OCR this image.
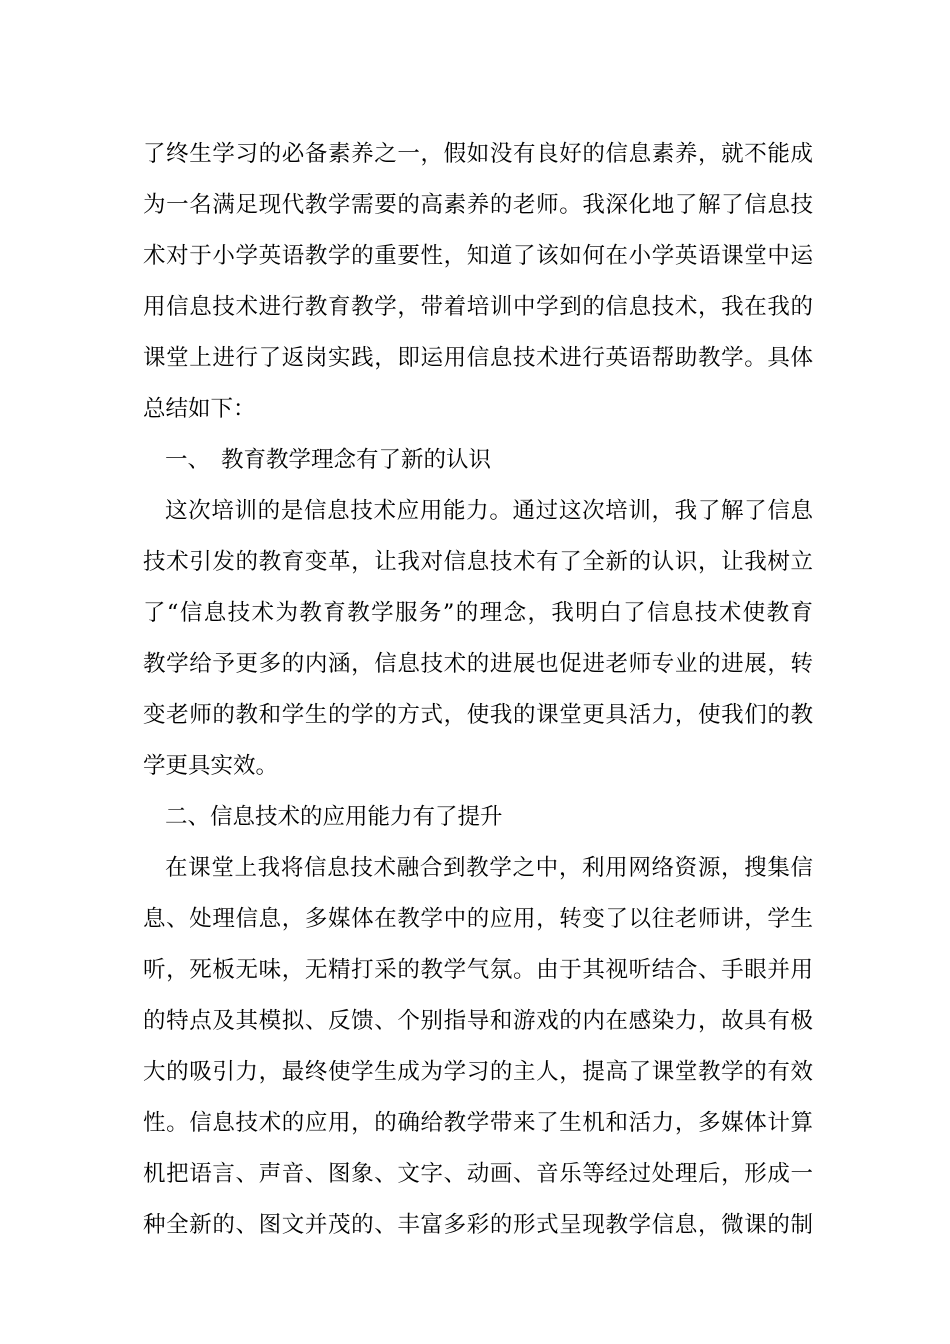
了终生学习的必备素养之一，假如没有良好的信息素养，就不能成
为一名满足现代教学需要的高素养的老师。我深化地了解了信息技
术对于小学英语教学的重要性，知道了该如何在小学英语课堂中运
用信息技术进行教育教学，带着培训中学到的信息技术，我在我的
课堂上进行了返岗实践，即运用信息技术进行英语帮助教学。具体
总结如下：
一、 教育教学理念有了新的认识
这次培训的是信息技术应用能力。通过这次培训，我了解了信息
技术引发的教育变革，让我对信息技术有了全新的认识，让我树立
了“信息技术为教育教学服务”的理念，我明白了信息技术使教育
教学给予更多的内涵，信息技术的进展也促进老师专业的进展，转
变老师的教和学生的学的方式，使我的课堂更具活力，使我们的教
学更具实效。
二、信息技术的应用能力有了提升
在课堂上我将信息技术融合到教学之中，利用网络资源，搜集信
息、处理信息，多媒体在教学中的应用，转变了以往老师讲，学生
听，死板无味，无精打采的教学气氛。由于其视听结合、手眼并用
的特点及其模拟、反馈、个别指导和游戏的内在感染力，故具有极
大的吸引力，最终使学生成为学习的主人，提高了课堂教学的有效
性。信息技术的应用，的确给教学带来了生机和活力，多媒体计算
机把语言、声音、图象、文字、动画、音乐等经过处理后，形成一
种全新的、图文并茂的、丰富多彩的形式呈现教学信息，微课的制
